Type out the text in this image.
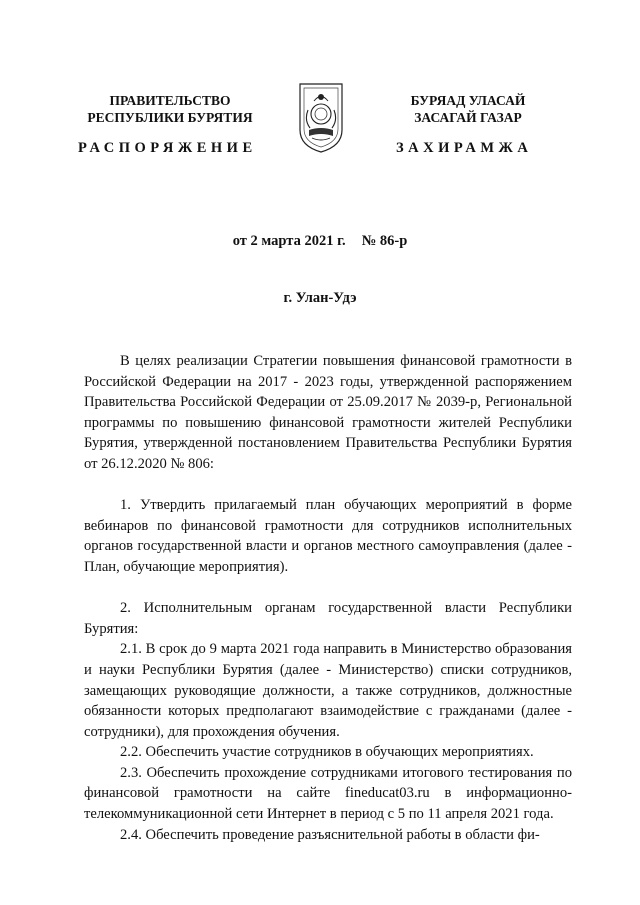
ПРАВИТЕЛЬСТВО
РЕСПУБЛИКИ БУРЯТИЯ
БУРЯАД УЛАСАЙ
ЗАСАГАЙ ГАЗАР
РАСПОРЯЖЕНИЕ	ЗАХИРАМЖА
от 2 марта 2021 г. № 86-р
г. Улан-Удэ

В целях реализации Стратегии повышения финансовой грамотности в Российской Федерации на 2017 - 2023 годы, утвержденной распоряжением Правительства Российской Федерации от 25.09.2017 № 2039-р, Региональной программы по повышению финансовой грамотности жителей Республики Бурятия, утвержденной постановлением Правительства Республики Бурятия от 26.12.2020 № 806:

1. Утвердить прилагаемый план обучающих мероприятий в форме вебинаров по финансовой грамотности для сотрудников исполнительных органов государственной власти и органов местного самоуправления (далее - План, обучающие мероприятия).

2. Исполнительным органам государственной власти Республики Бурятия:

2.1. В срок до 9 марта 2021 года направить в Министерство образования и науки Республики Бурятия (далее - Министерство) списки сотрудников, замещающих руководящие должности, а также сотрудников, должностные обязанности которых предполагают взаимодействие с гражданами (далее - сотрудники), для прохождения обучения.

2.2. Обеспечить участие сотрудников в обучающих мероприятиях.

2.3. Обеспечить прохождение сотрудниками итогового тестирования по финансовой грамотности на сайте fineducat03.ru в информационно-телекоммуникационной сети Интернет в период с 5 по 11 апреля 2021 года.

2.4. Обеспечить проведение разъяснительной работы в области фи-
